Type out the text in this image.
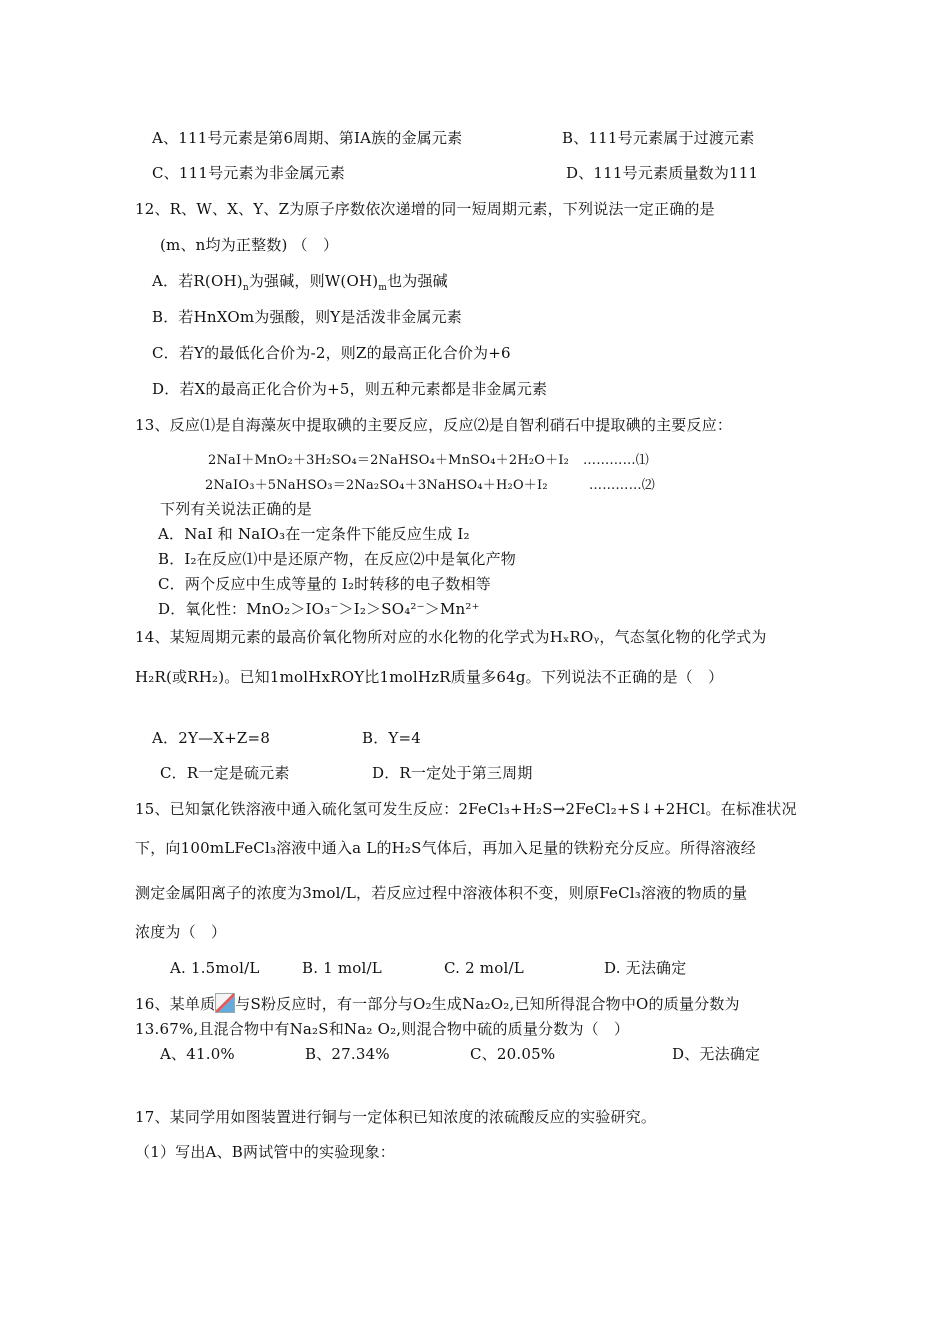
A、111号元素是第6周期、第ⅠA族的金属元素	B、111号元素属于过渡元素
C、111号元素为非金属元素	D、111号元素质量数为111
12、R、W、X、Y、Z为原子序数依次递增的同一短周期元素，下列说法一定正确的是
(m、n均为正整数) （　）
A．若$R(OH)_n$为强碱，则$W(OH)_m$也为强碱
B．若HnXOm为强酸，则Y是活泼非金属元素
C．若Y的最低化合价为-2，则Z的最高正化合价为+6
D．若X的最高正化合价为+5，则五种元素都是非金属元素
13、反应⑴是自海藻灰中提取碘的主要反应，反应⑵是自智利硝石中提取碘的主要反应：
2NaI＋MnO₂＋3H₂SO₄＝2NaHSO₄＋MnSO₄＋2H₂O＋I₂ …………⑴
2NaIO₃＋5NaHSO₃＝2Na₂SO₄＋3NaHSO₄＋H₂O＋I₂	…………⑵
下列有关说法正确的是
A．NaI 和 NaIO₃在一定条件下能反应生成 I₂
B．I₂在反应⑴中是还原产物，在反应⑵中是氧化产物
C．两个反应中生成等量的 I₂时转移的电子数相等
D．氧化性：MnO₂＞IO₃⁻＞I₂＞SO₄²⁻＞Mn²⁺
14、某短周期元素的最高价氧化物所对应的水化物的化学式为HₓROᵧ，气态氢化物的化学式为
H₂R(或RH₂)。已知1molHxROY比1molHzR质量多64g。下列说法不正确的是（　）
A．2Y—X+Z=8	B．Y=4
C．R一定是硫元素	D．R一定处于第三周期
15、已知氯化铁溶液中通入硫化氢可发生反应：2FeCl₃+H₂S→2FeCl₂+S↓+2HCl。在标准状况
下，向100mLFeCl₃溶液中通入a L的H₂S气体后，再加入足量的铁粉充分反应。所得溶液经
测定金属阳离子的浓度为3mol/L，若反应过程中溶液体积不变，则原FeCl₃溶液的物质的量
浓度为（　）
A. 1.5mol/L	B. 1 mol/L	C. 2 mol/L	D. 无法确定
16、某单质 与S粉反应时，有一部分与O₂生成Na₂O₂,已知所得混合物中O的质量分数为
13.67%,且混合物中有Na₂S和Na₂ O₂,则混合物中硫的质量分数为（　）
A、41.0%	B、27.34%	C、20.05%	D、无法确定
17、某同学用如图装置进行铜与一定体积已知浓度的浓硫酸反应的实验研究。
（1）写出A、B两试管中的实验现象：
